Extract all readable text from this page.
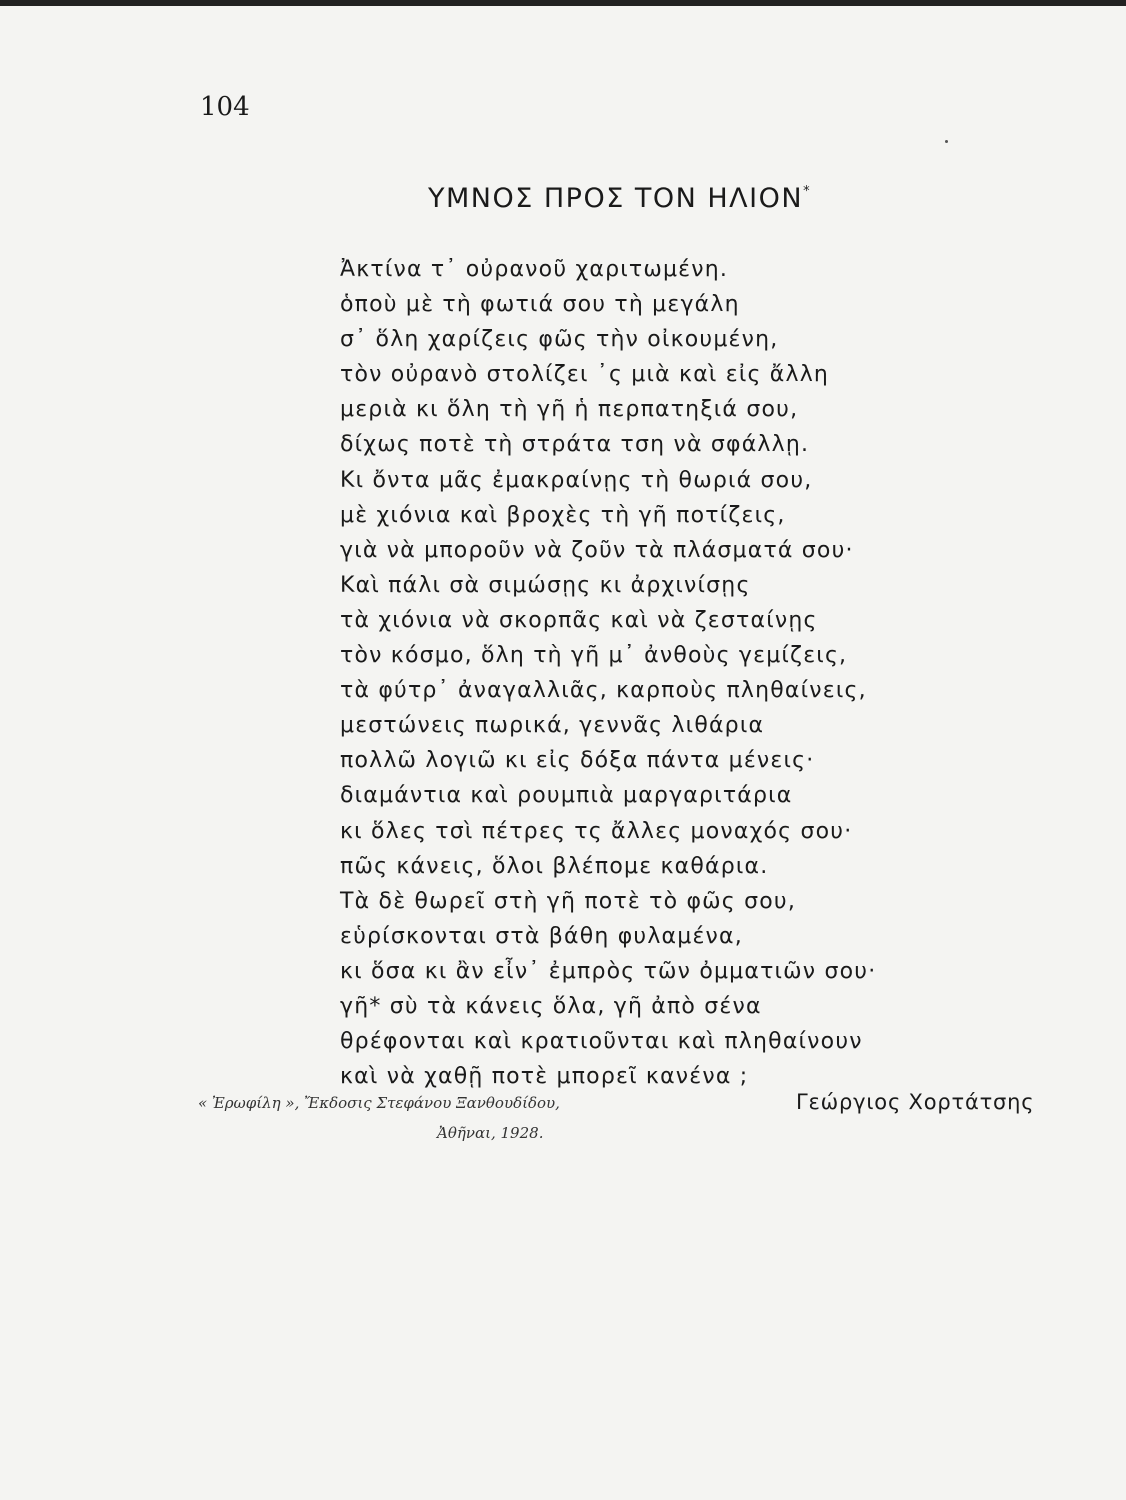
104
ΥΜΝΟΣ ΠΡΟΣ ΤΟΝ ΗΛΙΟΝ*
Ἀκτίνα τ᾽ οὐρανοῦ χαριτωμένη.
ὁποὺ μὲ τὴ φωτιά σου τὴ μεγάλη
σ᾽ ὅλη χαρίζεις φῶς τὴν οἰκουμένη,
τὸν οὐρανὸ στολίζει ᾽ς μιὰ καὶ εἰς ἄλλη
μεριὰ κι ὅλη τὴ γῆ ἡ περπατηξιά σου,
δίχως ποτὲ τὴ στράτα τση νὰ σφάλλῃ.
Κι ὄντα μᾶς ἐμακραίνῃς τὴ θωριά σου,
μὲ χιόνια καὶ βροχὲς τὴ γῆ ποτίζεις,
γιὰ νὰ μποροῦν νὰ ζοῦν τὰ πλάσματά σου·
Καὶ πάλι σὰ σιμώσῃς κι ἀρχινίσῃς
τὰ χιόνια νὰ σκορπᾶς καὶ νὰ ζεσταίνῃς
τὸν κόσμο, ὅλη τὴ γῆ μ᾽ ἀνθοὺς γεμίζεις,
τὰ φύτρ᾽ ἀναγαλλιᾶς, καρποὺς πληθαίνεις,
μεστώνεις πωρικά, γεννᾶς λιθάρια
πολλῶ λογιῶ κι εἰς δόξα πάντα μένεις·
διαμάντια καὶ ρουμπιὰ μαργαριτάρια
κι ὅλες τσὶ πέτρες τς ἄλλες μοναχός σου·
πῶς κάνεις, ὅλοι βλέπομε καθάρια.
Τὰ δὲ θωρεῖ στὴ γῆ ποτὲ τὸ φῶς σου,
εὑρίσκονται στὰ βάθη φυλαμένα,
κι ὅσα κι ἂν εἶν᾽ ἐμπρὸς τῶν ὀμματιῶν σου·
γῆ* σὺ τὰ κάνεις ὅλα, γῆ ἀπὸ σένα
θρέφονται καὶ κρατιοῦνται καὶ πληθαίνουν
καὶ νὰ χαθῇ ποτὲ μπορεῖ κανένα ;
« Ἐρωφίλη », Ἔκδοσις Στεφάνου Ξανθουδίδου,
Ἀθῆναι, 1928.
Γεώργιος Χορτάτσης
